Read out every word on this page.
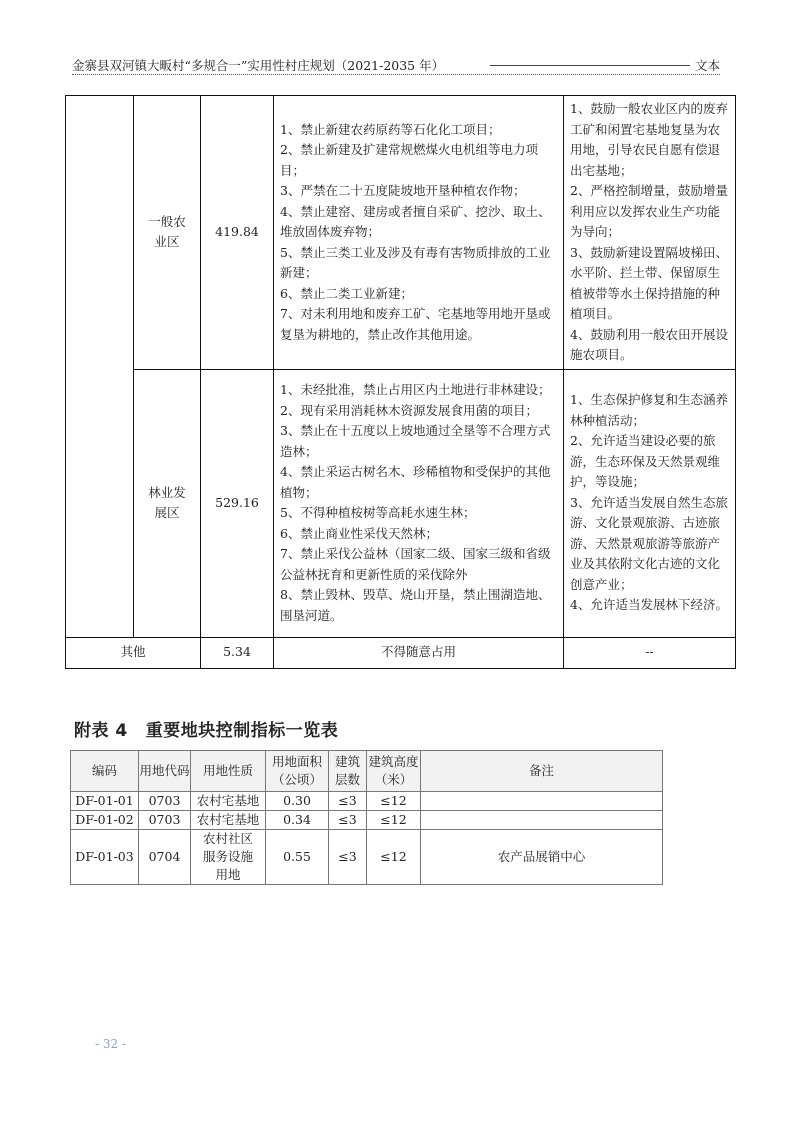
金寨县双河镇大畈村“多规合一”实用性村庄规划（2021-2035 年）	文本

一般农
业区
	419.84	
1、禁止新建农药原药等石化化工项目；
2、禁止新建及扩建常规燃煤火电机组等电力项目；
3、严禁在二十五度陡坡地开垦种植农作物；
4、禁止建窑、建房或者擅自采矿、挖沙、取土、堆放固体废弃物；
5、禁止三类工业及涉及有毒有害物质排放的工业新建；
6、禁止二类工业新建；
7、对未利用地和废弃工矿、宅基地等用地开垦或复垦为耕地的，禁止改作其他用途。

1、鼓励一般农业区内的废弃工矿和闲置宅基地复垦为农用地，引导农民自愿有偿退出宅基地；
2、严格控制增量，鼓励增量利用应以发挥农业生产功能为导向；
3、鼓励新建设置隔坡梯田、水平阶、拦土带、保留原生植被带等水土保持措施的种植项目。
4、鼓励利用一般农田开展设施农项目。

林业发
展区
	529.16	
1、未经批准，禁止占用区内土地进行非林建设；
2、现有采用消耗林木资源发展食用菌的项目；
3、禁止在十五度以上坡地通过全垦等不合理方式造林；
4、禁止采运古树名木、珍稀植物和受保护的其他植物；
5、不得种植桉树等高耗水速生林；
6、禁止商业性采伐天然林；
7、禁止采伐公益林（国家二级、国家三级和省级公益林抚育和更新性质的采伐除外
8、禁止毁林、毁草、烧山开垦，禁止围湖造地、围垦河道。

1、生态保护修复和生态涵养林种植活动；
2、允许适当建设必要的旅游，生态环保及天然景观维护，等设施；
3、允许适当发展自然生态旅游、文化景观旅游、古迹旅游、天然景观旅游等旅游产业及其依附文化古迹的文化创意产业；
4、允许适当发展林下经济。

其他	5.34	不得随意占用	--
附表 4 重要地块控制指标一览表
编码	用地代码	用地性质	用地面积（公顷）	建筑层数	建筑高度（米）	备注
DF-01-01	0703	农村宅基地	0.30	≤3	≤12	
DF-01-02	0703	农村宅基地	0.34	≤3	≤12	
DF-01-03	0704	农村社区服务设施用地	0.55	≤3	≤12	农产品展销中心
- 32 -
